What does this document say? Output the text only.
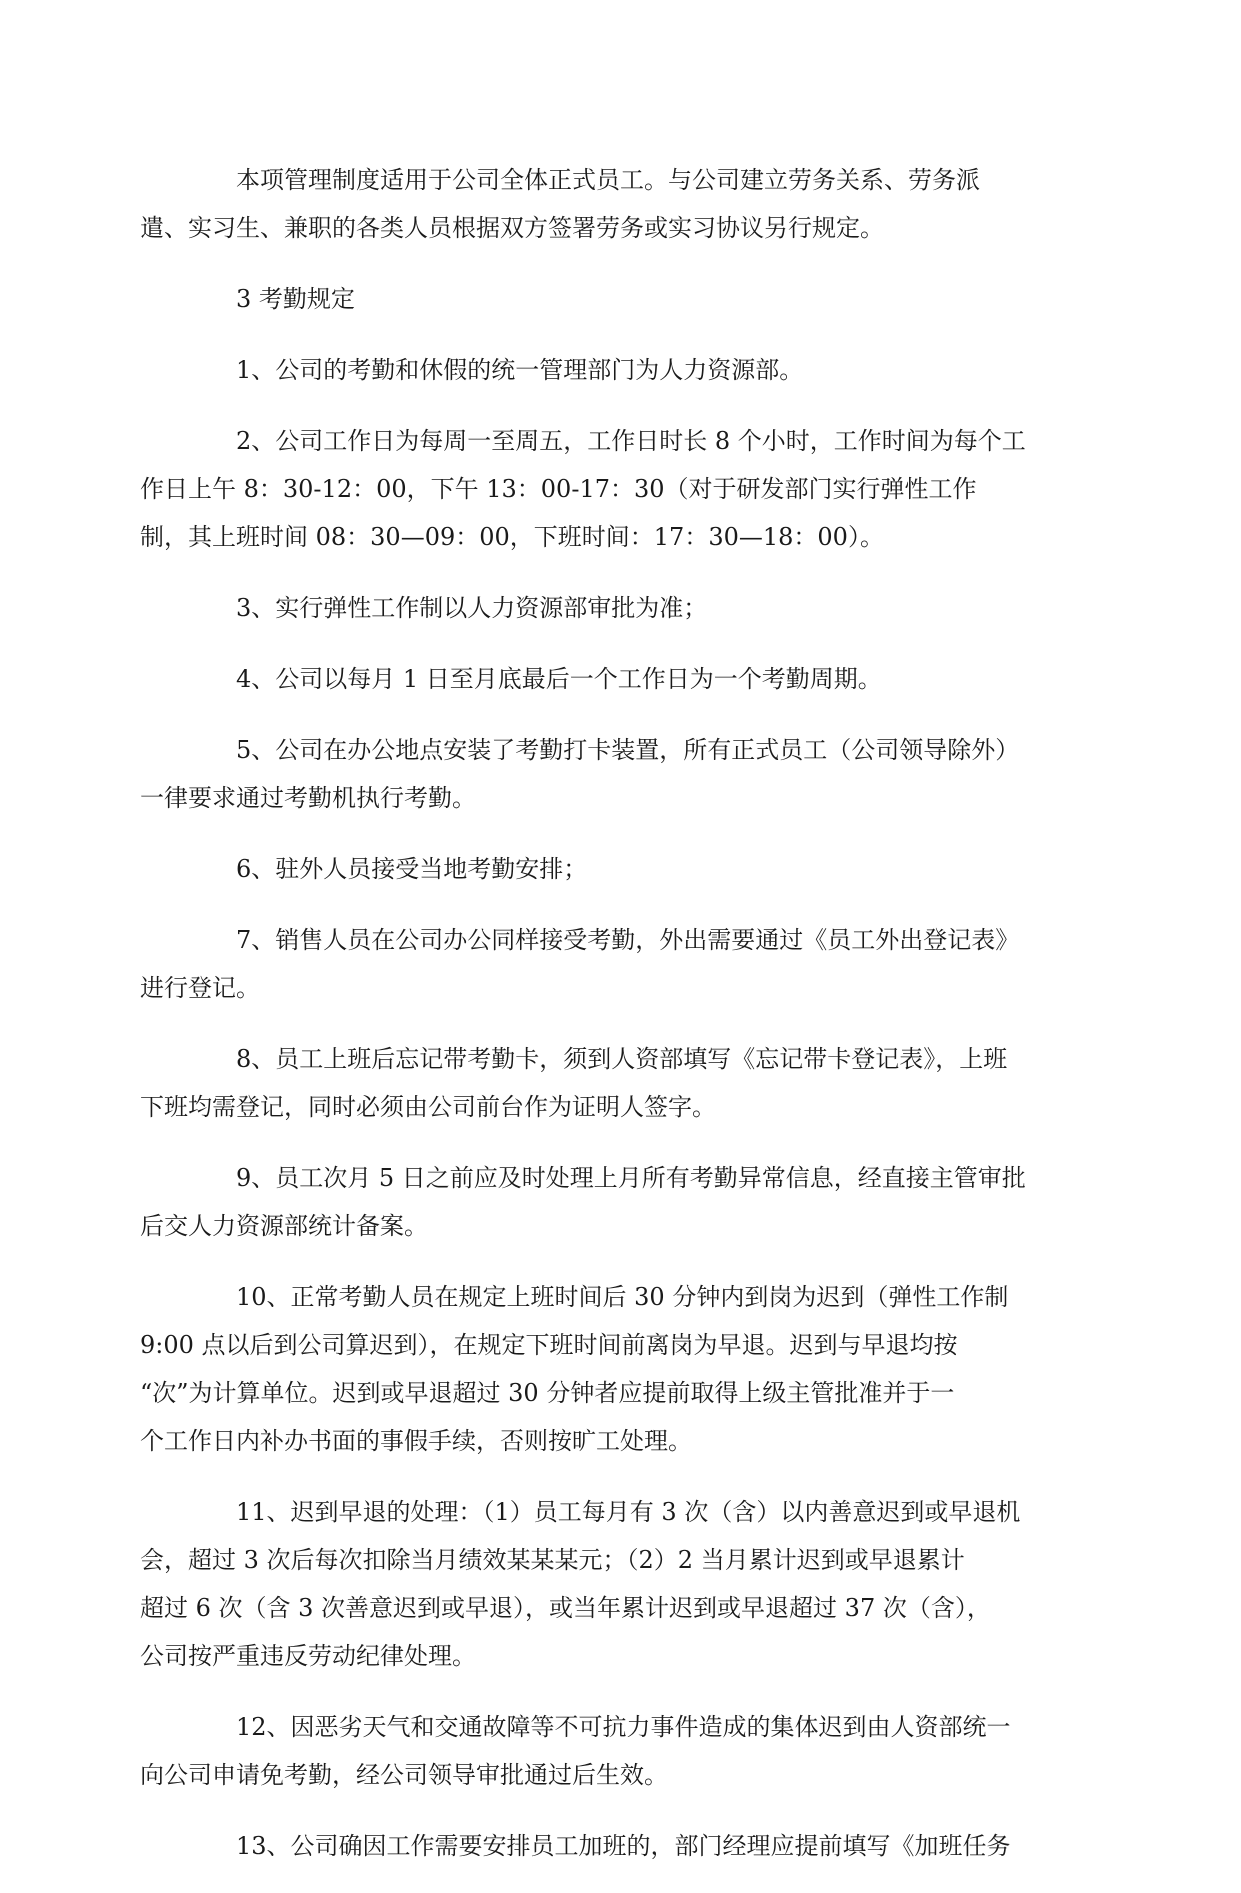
本项管理制度适用于公司全体正式员工。与公司建立劳务关系、劳务派
遣、实习生、兼职的各类人员根据双方签署劳务或实习协议另行规定。
3 考勤规定
1、公司的考勤和休假的统一管理部门为人力资源部。
2、公司工作日为每周一至周五，工作日时长 8 个小时，工作时间为每个工
作日上午 8：30-12：00，下午 13：00-17：30（对于研发部门实行弹性工作
制，其上班时间 08：30—09：00，下班时间：17：30—18：00）。
3、实行弹性工作制以人力资源部审批为准；
4、公司以每月 1 日至月底最后一个工作日为一个考勤周期。
5、公司在办公地点安装了考勤打卡装置，所有正式员工（公司领导除外）
一律要求通过考勤机执行考勤。
6、驻外人员接受当地考勤安排；
7、销售人员在公司办公同样接受考勤，外出需要通过《员工外出登记表》
进行登记。
8、员工上班后忘记带考勤卡，须到人资部填写《忘记带卡登记表》，上班
下班均需登记，同时必须由公司前台作为证明人签字。
9、员工次月 5 日之前应及时处理上月所有考勤异常信息，经直接主管审批
后交人力资源部统计备案。
10、正常考勤人员在规定上班时间后 30 分钟内到岗为迟到（弹性工作制
9:00 点以后到公司算迟到），在规定下班时间前离岗为早退。迟到与早退均按
“次”为计算单位。迟到或早退超过 30 分钟者应提前取得上级主管批准并于一
个工作日内补办书面的事假手续，否则按旷工处理。
11、迟到早退的处理：（1）员工每月有 3 次（含）以内善意迟到或早退机
会，超过 3 次后每次扣除当月绩效某某某元；（2）2 当月累计迟到或早退累计
超过 6 次（含 3 次善意迟到或早退），或当年累计迟到或早退超过 37 次（含），
公司按严重违反劳动纪律处理。
12、因恶劣天气和交通故障等不可抗力事件造成的集体迟到由人资部统一
向公司申请免考勤，经公司领导审批通过后生效。
13、公司确因工作需要安排员工加班的，部门经理应提前填写《加班任务
